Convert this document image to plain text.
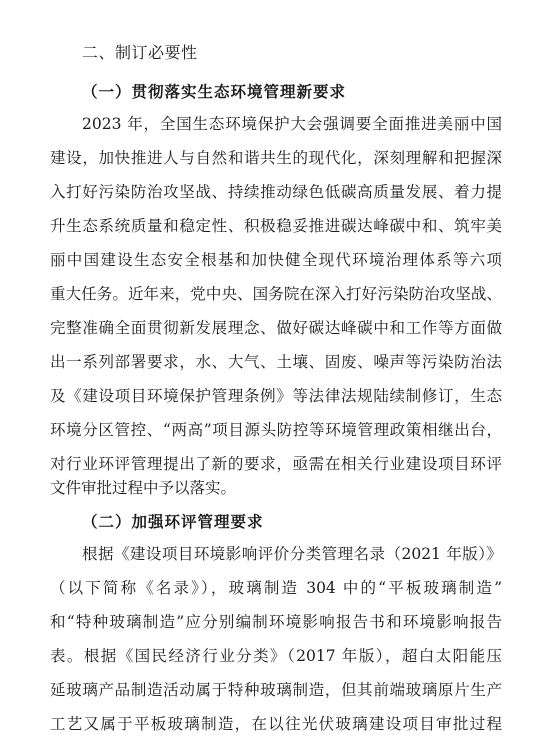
二、制订必要性
（一）贯彻落实生态环境管理新要求
2023 年，全国生态环境保护大会强调要全面推进美丽中国
建设，加快推进人与自然和谐共生的现代化，深刻理解和把握深
入打好污染防治攻坚战、持续推动绿色低碳高质量发展、着力提
升生态系统质量和稳定性、积极稳妥推进碳达峰碳中和、筑牢美
丽中国建设生态安全根基和加快健全现代环境治理体系等六项
重大任务。近年来，党中央、国务院在深入打好污染防治攻坚战、
完整准确全面贯彻新发展理念、做好碳达峰碳中和工作等方面做
出一系列部署要求，水、大气、土壤、固废、噪声等污染防治法
及《建设项目环境保护管理条例》等法律法规陆续制修订，生态
环境分区管控、“两高”项目源头防控等环境管理政策相继出台，
对行业环评管理提出了新的要求，亟需在相关行业建设项目环评
文件审批过程中予以落实。
（二）加强环评管理要求
根据《建设项目环境影响评价分类管理名录（2021 年版）》
（以下简称《名录》），玻璃制造 304 中的“平板玻璃制造”
和“特种玻璃制造”应分别编制环境影响报告书和环境影响报告
表。根据《国民经济行业分类》（2017 年版），超白太阳能压
延玻璃产品制造活动属于特种玻璃制造，但其前端玻璃原片生产
工艺又属于平板玻璃制造，在以往光伏玻璃建设项目审批过程
